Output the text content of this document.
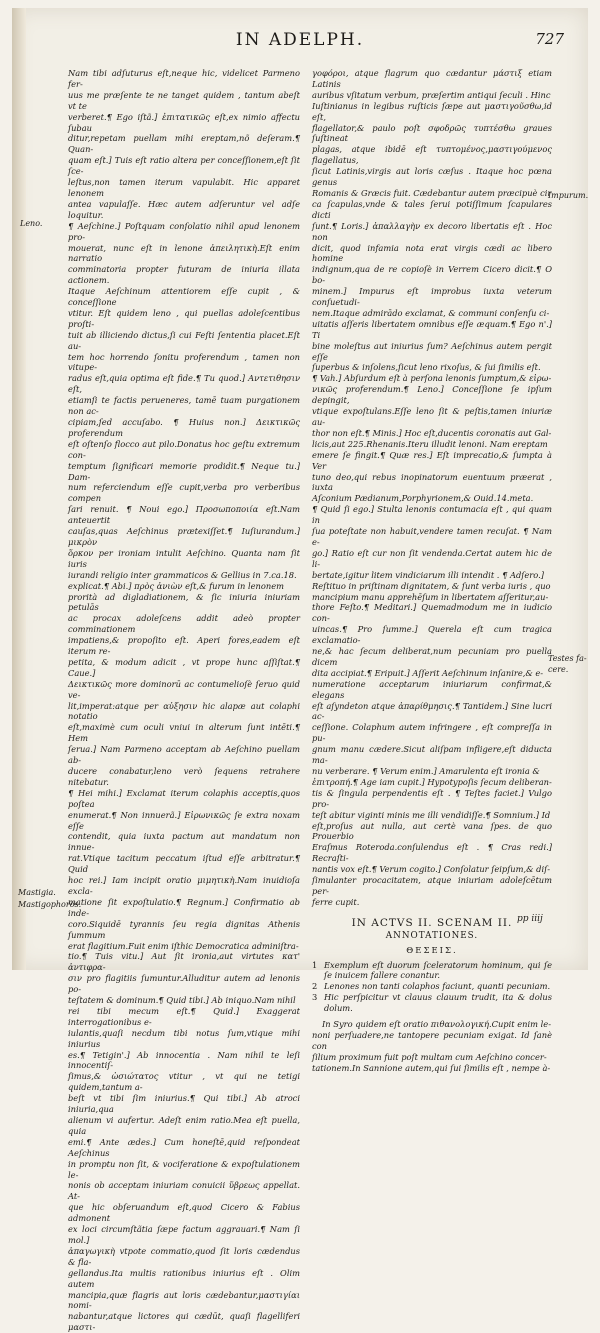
IN ADELPH.	727
Leno.
Impurum.
Testes fa-
cere.
Mastigia.
Mastigophoros.

Nam tibi adſuturus eſt,neque hic, videlicet Parmeno fer-

uus me præſente te ne tanget quidem , tantum abeſt vt te

verberet.¶ Ego iſtã.] ἐπιτατικῶς eſt,ex nimio affectu ſubau

ditur,repetam puellam mihi ereptam,nõ deſeram.¶ Quan-

quam eſt.] Tuis eſt ratio altera per conceſſionem,eſt ſit ſce-

leſtus,non tamen iterum vapulabit. Hic apparet lenonem

antea vapulaſſe. Hæc autem adſeruntur vel adſe loquitur.

¶ Aeſchine.] Poſtquam conſolatio nihil apud lenonem pro-

mouerat, nunc eſt in lenone ἀπειλητικὴ.Eſt enim narratio

comminatoria propter futuram de iniuria illata actionem.

Itaque Aeſchinum attentiorem eſſe cupit , & conceſſione

vtitur. Eſt quidem leno , qui puellas adoleſcentibus proſti-

tuit ab illiciendo dictus,ſi cui Feſti ſententia placet.Eſt au-

tem hoc horrendo ſonitu proferendum , tamen non vitupe-

radus eſt,quia optima eſt fide.¶ Tu quod.] Αντετιθησιν eſt,

etiamſi te factis perueneres, tamē tuam purgationem non ac-

cipiam,ſed accuſabo. ¶ Huius non.] Δεικτικῶς proferendum

eſt oſtenſo flocco aut pilo.Donatus hoc geſtu extremum con-

temptum ſignificari memorie prodidit.¶ Neque tu.] Dam-

num referciendum eſſe cupit,verba pro verberibus compen

ſari renuit. ¶ Noui ego.] Προσωποποιία eſt.Nam anteuertit

cauſas,quas Aeſchinus prætexiſſet.¶ Iuſiurandum.] μικρὸν

ὅρκον per ironiam intulit Aeſchino. Quanta nam ſit iuris

iurandi religio inter grammaticos & Gellius in 7.ca.18.

explicat.¶ Abi.] πρὸς ἀνιὼν eſt,& furum in lenonem

prorità ad digladiationem, & ſic iniuria iniuriam petulās

ac procax adoleſcens addit adeò propter comminationem

impatiens,& propoſito eſt. Aperi fores,eadem eſt iterum re-

petita, & modum adicit , vt prope hunc aſſiſtat.¶ Caue.]

Δεικτικῶς more dominorū ac contumelioſè ſeruo quid ve-

lit,imperat:atque per αὐξησιν hic alapæ aut colaphi notatio

eſt,maximè cum oculi vniui in alterum ſunt intēti.¶ Hem

ſerua.] Nam Parmeno acceptam ab Aeſchino puellam ab-

ducere conabatur,leno verò ſequens retrahere nitebatur.

¶ Hei mihi.] Exclamat iterum colaphis acceptis,quos poſtea

enumerat.¶ Non innuerã.] Εἰρωνικῶς ſe extra noxam eſſe

contendit, quia iuxta pactum aut mandatum non innue-

rat.Vtique tacitum peccatum iſtud eſſe arbitratur.¶ Quid

hoc rei.] Iam incipit oratio μιμητικὴ.Nam inuidioſa excla-

matione ſit expoſtulatio.¶ Regnum.] Confirmatio ab inde-

coro.Siquidē tyrannis ſeu regia dignitas Athenis ſummum

erat flagitium.Fuit enim iſthic Democratica adminiſtra-

tio.¶ Tuis vitu.] Aut ſit ironia,aut virtutes κατ' ἀντιφρα-

σιν pro flagitiis ſumuntur.Alluditur autem ad lenonis po-

teſtatem & dominum.¶ Quid tibi.] Ab iniquo.Nam nihil

rei tibi mecum eſt.¶ Quid.] Exaggerat interrogationibus e-

iulantis,quaſi necdum tibi notus ſum,vtique mihi iniurius

es.¶ Tetigin'.] Ab innocentia . Nam nihil te leſi innocentiſ-

ſimus,& ὡσιώτατος vtitur , vt qui ne tetigi quidem,tantum a-

beſt vt tibi ſim iniurius.¶ Qui tibi.] Ab atroci iniuria,qua

alienum vi aufertur. Adeſt enim ratio.Mea eſt puella, quia

emi.¶ Ante ædes.] Cum honeſtē,quid reſpondeat Aeſchinus

in promptu non ſit, & vociferatione & expoſtulationem le-

nonis ob acceptam iniuriam conuicii ὕβρεως appellat. At-

que hic obſeruandum eſt,quod Cicero & Fabius admonent

ex loci circumſtãtia ſæpe factum aggrauari.¶ Nam ſi mol.]

ἀπαγωγικὴ vtpote commatio,quod ſit loris cædendus & fla-

gellandus.Ita multis rationibus iniurius eſt . Olim autem

mancipia,quæ flagris aut loris cædebantur,μαστιγίαι nomi-

nabantur,atque lictores qui cædūt, quaſi flagelliferi μαστι-

γοφόροι, atque flagrum quo cædantur μάστιξ etiam Latinis

auribus vſitatum verbum, præſertim antiqui ſeculi . Hinc

Iuſtinianus in legibus ruſticis ſæpe aut μαστιγοῦσθω,id eſt,

flagellator,& paulo poſt σφοδρῶς τυπτέσθω graues ſuſtineat

plagas, atque ibidē eſt τυπτομένος,μαστιγούμενος flagellatus,

ſicut Latinis,virgis aut loris cæſus . Itaque hoc pœna genus

Romanis & Græcis fuit. Cædebantur autem præcipuè cir

ca ſcapulas,vnde & tales ſerui potiſſimum ſcapulares dicti

ſunt.¶ Loris.] ἀπαλλαγὴν ex decoro libertatis eſt . Hoc non

dicit, quod infamia nota erat virgis cædi ac libero homine

indignum,qua de re copioſè in Verrem Cicero dicit.¶ O bo-

minem.] Impurus eſt improbus iuxta veterum conſuetudi-

nem.Itaque admirādo exclamat, & communi conſenſu ci-

uitatis aſſeris libertatem omnibus eſſe æquam.¶ Ego n'.] Ti

bine moleſtus aut iniurius ſum? Aeſchinus autem pergit eſſe

ſuperbus & inſolens,ſicut leno rixoſus, & ſui ſimilis eſt.

¶ Vah.] Abſurdum eſt à perſona lenonis ſumptum,& εἰρω-

νικῶς proferendum.¶ Leno.] Conceſſione ſe ipſum depingit,

vtique expoſtulans.Eſſe leno ſit & peſtis,tamen iniuriæ au-

thor non eſt.¶ Minis.] Hoc eſt,ducentis coronatis aut Gal-

licis,aut 225.Rhenanis.Iteru illudit lenoni. Nam ereptam

emere ſe fingit.¶ Quæ res.] Eſt imprecatio,& ſumpta à Ver

tuno deo,qui rebus inopinatorum euentuum præerat , iuxta

Aſconium Pædianum,Porphyrionem,& Ouid.14.meta.

¶ Quid ſi ego.] Stulta lenonis contumacia eſt , qui quam in

ſua poteſtate non habuit,vendere tamen recuſat. ¶ Nam e-

go.] Ratio eſt cur non ſit vendenda.Certat autem hic de li-

bertate,igitur litem vindiciarum illi intendit . ¶ Adſero.]

Reſtituo in priſtinam dignitatem, & ſunt verba iuris , quo

mancipium manu apprehēſum in libertatem aſſeritur,au-

thore Feſto.¶ Meditari.] Quemadmodum me in iudicio con-

uincas.¶ Pro ſumme.] Querela eſt cum tragica exclamatio-

ne,& hac ſecum deliberat,num pecuniam pro puella dicem

dita accipiat.¶ Eripuit.] Aſſerit Aeſchinum inſanire,& e-

numeratione acceptarum iniuriarum confirmat,& elegans

eſt aſyndeton atque ἀπαρίθμησις.¶ Tantidem.] Sine lucri ac-

ceſſione. Colaphum autem infringere , eſt compreſſa in pu-

gnum manu cædere.Sicut aliſpam infligere,eſt diducta ma-

nu verberare. ¶ Verum enim.] Amarulenta eſt ironia &

ἐπιτροπή.¶ Age iam cupit.] Hypotypoſis ſecum deliberan-

tis & ſingula perpendentis eſt . ¶ Teſtes faciet.] Vulgo pro-

teſt abitur viginti minis me illi vendidiſſe.¶ Somnium.] Id

eſt,proſus aut nulla, aut certè vana ſpes. de quo Prouerbio

Eraſmus Roteroda.conſulendus eſt . ¶ Cras redi.] Recraſti-

nantis vox eſt.¶ Verum cogito.] Conſolatur ſeipſum,& diſ-

ſimulanter procacitatem, atque iniuriam adoleſcētum per-

ferre cupit.

IN ACTVS II. SCENAM II.
ANNOTATIONES.
ΘΕΣΕΙΣ.
1 Exemplum eſt duorum ſceleratorum hominum, qui ſe ſe inuicem fallere conantur.
2 Lenones non tanti colaphos faciunt, quanti pecuniam.
3 Hic perſpicitur vt clauus clauum trudit, ita & dolus dolum.

In Syro quidem eſt oratio πιθανολογική.Cupit enim le-

noni perſuadere,ne tantopere pecuniam exigat. Id ſanè con

ſilium proximum fuit poſt multam cum Aeſchino concer-

tationem.In Sannione autem,qui ſui ſimilis eſt , nempe à-

pp iiij
